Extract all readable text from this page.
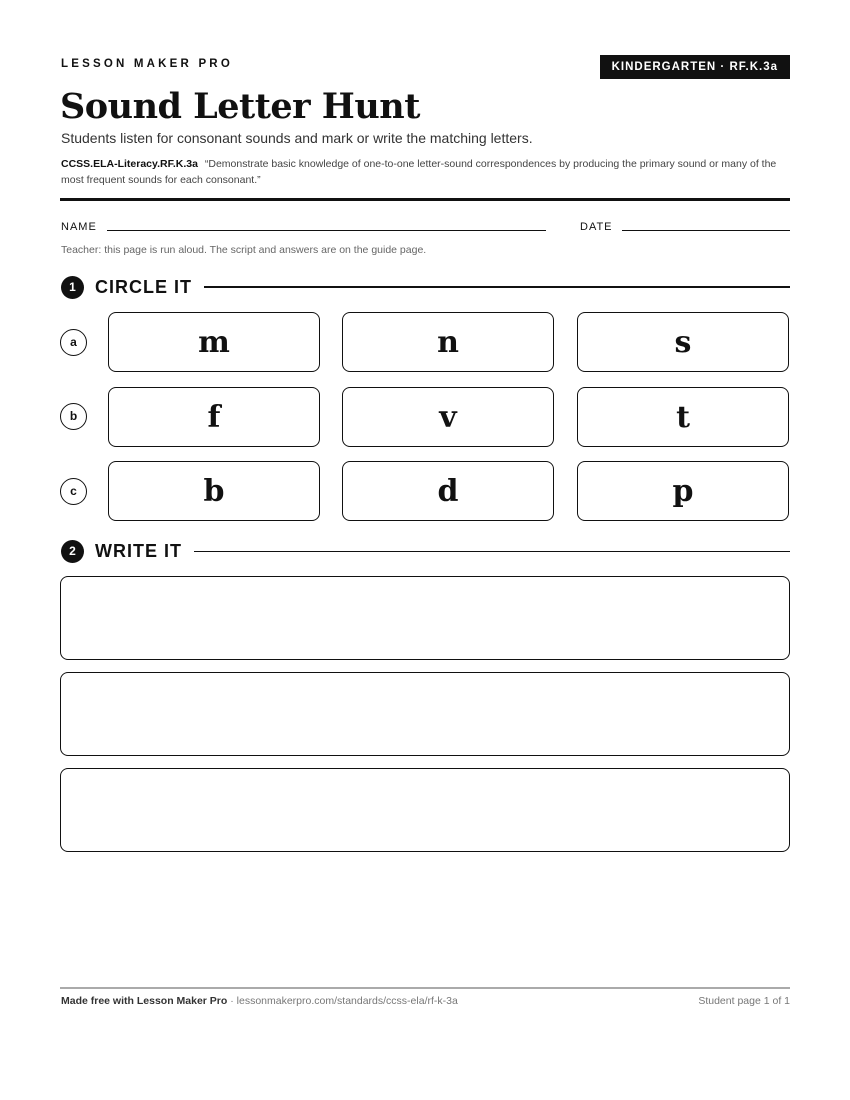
LESSON MAKER PRO	KINDERGARTEN · RF.K.3a
Sound Letter Hunt
Students listen for consonant sounds and mark or write the matching letters.
CCSS.ELA-Literacy.RF.K.3a “Demonstrate basic knowledge of one-to-one letter-sound correspondences by producing the primary sound or many of the most frequent sounds for each consonant.”
NAME	DATE
Teacher: this page is run aloud. The script and answers are on the guide page.
1	CIRCLE IT
a	m	n	s
b	f	v	t
c	b	d	p
2	WRITE IT
Made free with Lesson Maker Pro · lessonmakerpro.com/standards/ccss-ela/rf-k-3a	Student page 1 of 1
